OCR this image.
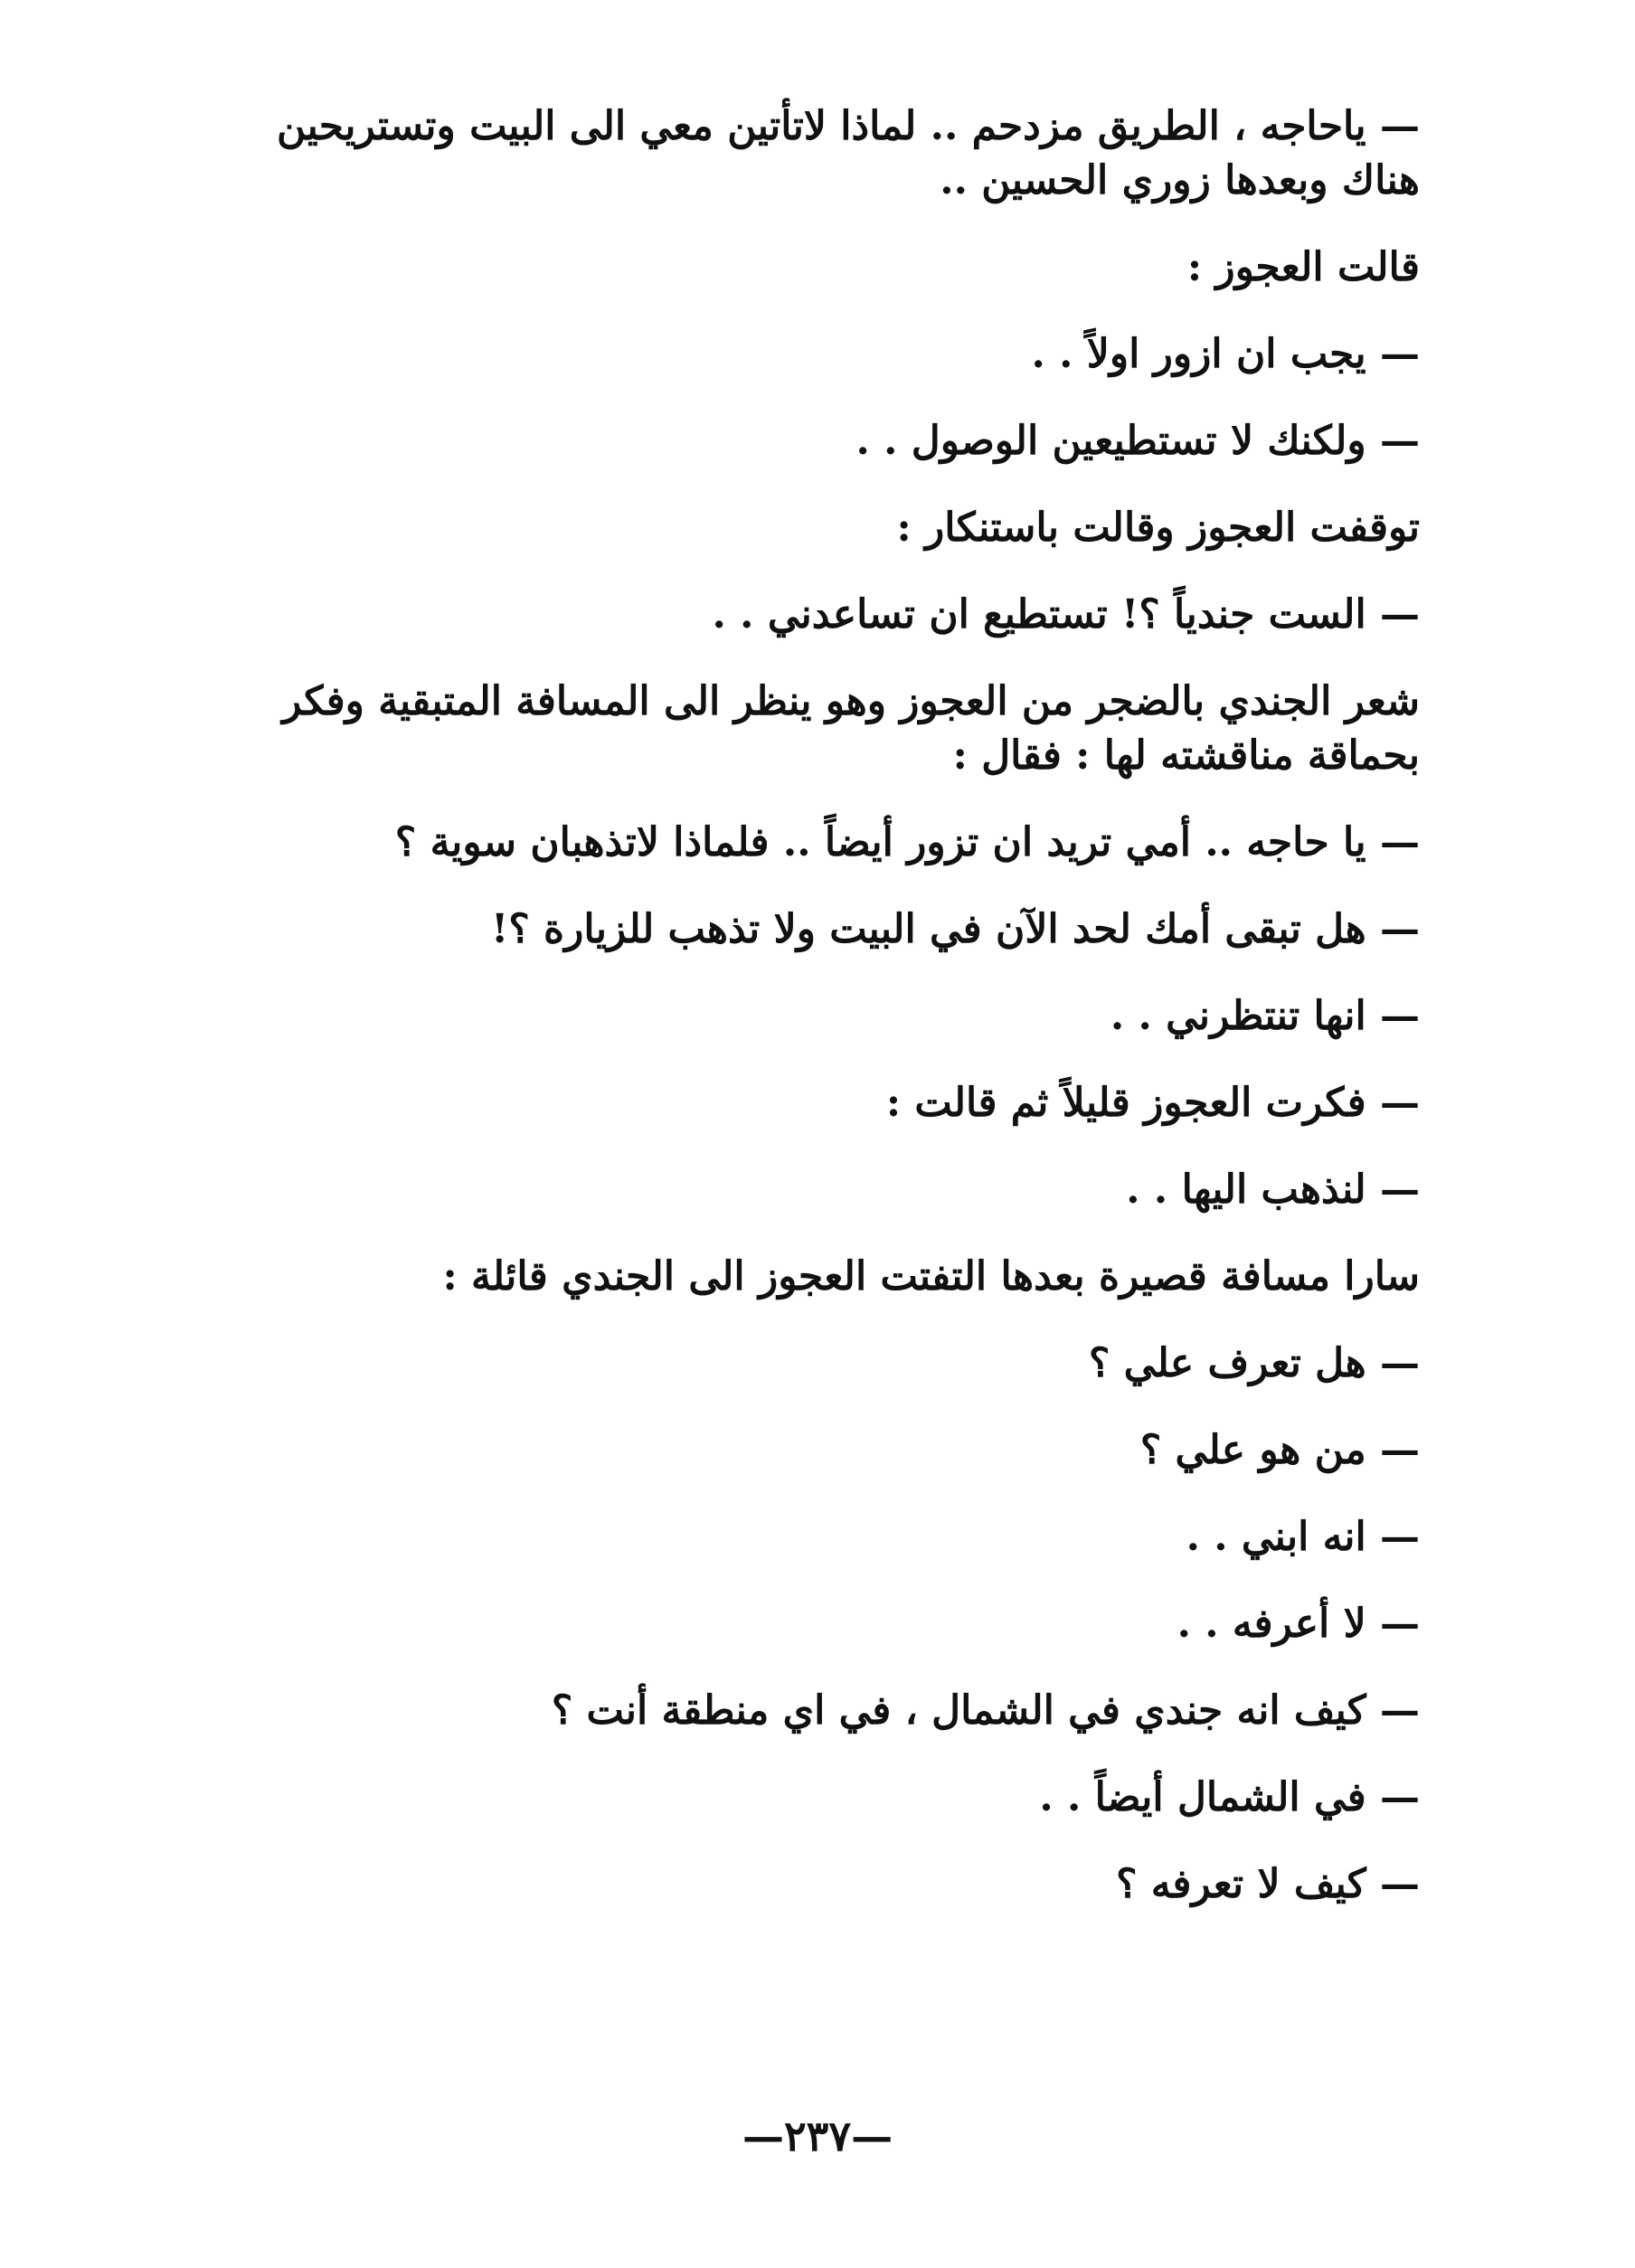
— ياحاجه ، الطريق مزدحم .. لماذا لاتأتين معي الى البيت وتستريحين
هناك وبعدها زوري الحسين ..
قالت العجوز :
— يجب ان ازور اولاً . .
— ولكنك لا تستطيعين الوصول . .
توقفت العجوز وقالت باستنكار :
— الست جندياً ؟! تستطيع ان تساعدني . .
شعر الجندي بالضجر من العجوز وهو ينظر الى المسافة المتبقية وفكر
بحماقة مناقشته لها : فقال :
— يا حاجه .. أمي تريد ان تزور أيضاً .. فلماذا لاتذهبان سوية ؟
— هل تبقى أمك لحد الآن في البيت ولا تذهب للزيارة ؟!
— انها تنتظرني . .
— فكرت العجوز قليلاً ثم قالت :
— لنذهب اليها . .
سارا مسافة قصيرة بعدها التفتت العجوز الى الجندي قائلة :
— هل تعرف علي ؟
— من هو علي ؟
— انه ابني . .
— لا أعرفه . .
— كيف انه جندي في الشمال ، في اي منطقة أنت ؟
— في الشمال أيضاً . .
— كيف لا تعرفه ؟
—٢٣٧—
